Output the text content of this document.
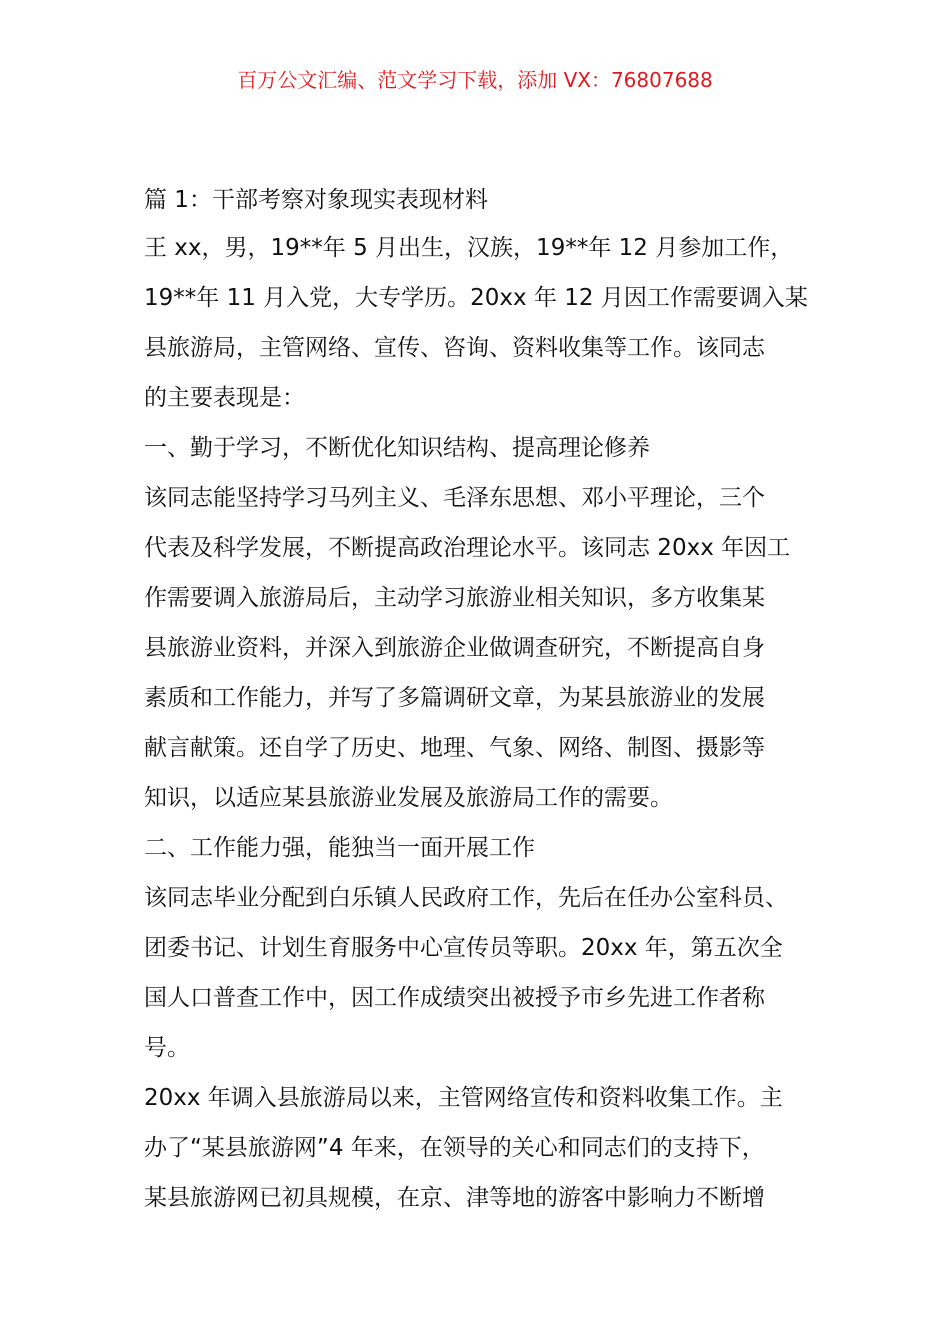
百万公文汇编、范文学习下载，添加 VX：76807688
篇 1：干部考察对象现实表现材料
王 xx，男，19**年 5 月出生，汉族，19**年 12 月参加工作，
19**年 11 月入党，大专学历。20xx 年 12 月因工作需要调入某
县旅游局，主管网络、宣传、咨询、资料收集等工作。该同志
的主要表现是：
一、勤于学习，不断优化知识结构、提高理论修养
该同志能坚持学习马列主义、毛泽东思想、邓小平理论，三个
代表及科学发展，不断提高政治理论水平。该同志 20xx 年因工
作需要调入旅游局后，主动学习旅游业相关知识，多方收集某
县旅游业资料，并深入到旅游企业做调查研究，不断提高自身
素质和工作能力，并写了多篇调研文章，为某县旅游业的发展
献言献策。还自学了历史、地理、气象、网络、制图、摄影等
知识，以适应某县旅游业发展及旅游局工作的需要。
二、工作能力强，能独当一面开展工作
该同志毕业分配到白乐镇人民政府工作，先后在任办公室科员、
团委书记、计划生育服务中心宣传员等职。20xx 年，第五次全
国人口普查工作中，因工作成绩突出被授予市乡先进工作者称
号。
20xx 年调入县旅游局以来，主管网络宣传和资料收集工作。主
办了“某县旅游网”4 年来，在领导的关心和同志们的支持下，
某县旅游网已初具规模，在京、津等地的游客中影响力不断增
